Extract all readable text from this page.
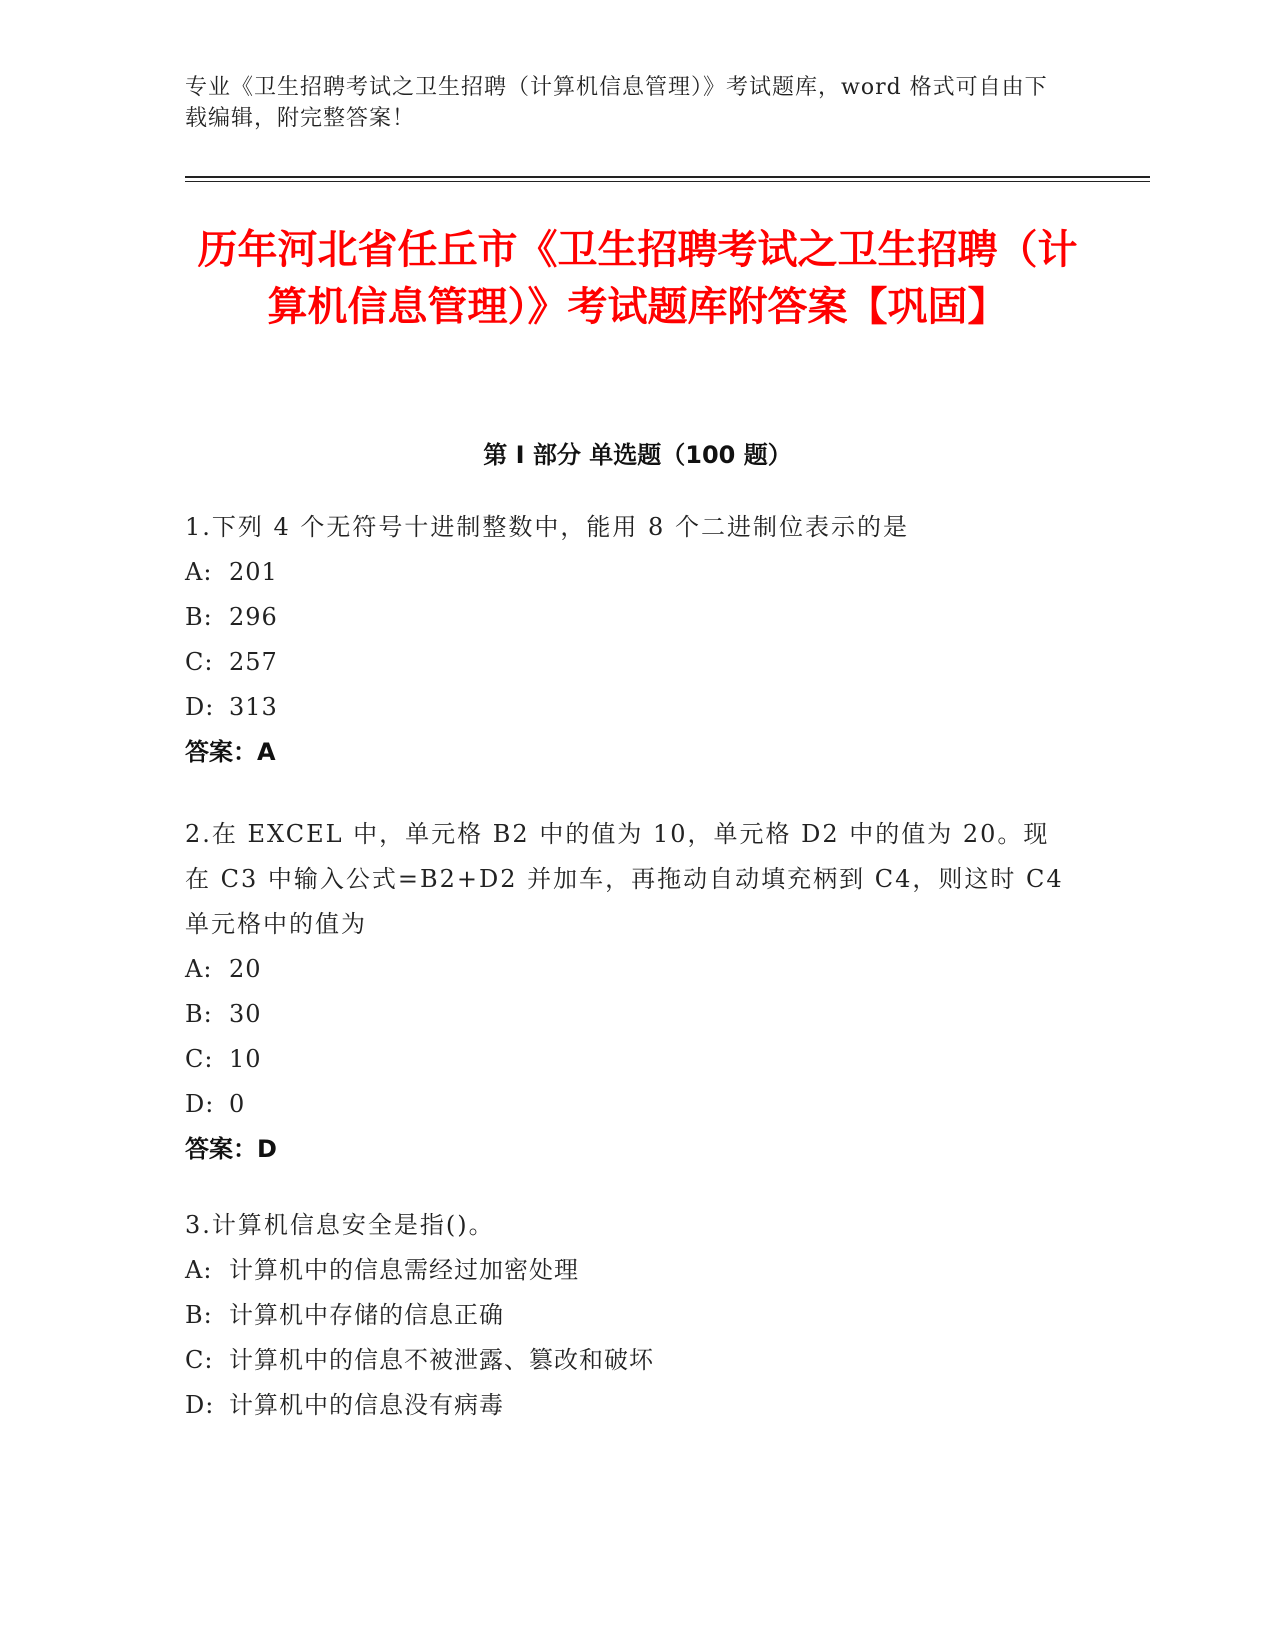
专业《卫生招聘考试之卫生招聘（计算机信息管理）》考试题库，word 格式可自由下载编辑，附完整答案！
历年河北省任丘市《卫生招聘考试之卫生招聘（计算机信息管理）》考试题库附答案【巩固】
第 I 部分 单选题（100 题）
1.下列 4 个无符号十进制整数中，能用 8 个二进制位表示的是
A: 201
B: 296
C: 257
D: 313
答案：A
2.在 EXCEL 中，单元格 B2 中的值为 10，单元格 D2 中的值为 20。现在 C3 中输入公式=B2+D2 并加车，再拖动自动填充柄到 C4，则这时 C4 单元格中的值为
A: 20
B: 30
C: 10
D: 0
答案：D
3.计算机信息安全是指()。
A: 计算机中的信息需经过加密处理
B: 计算机中存储的信息正确
C: 计算机中的信息不被泄露、篡改和破坏
D: 计算机中的信息没有病毒
